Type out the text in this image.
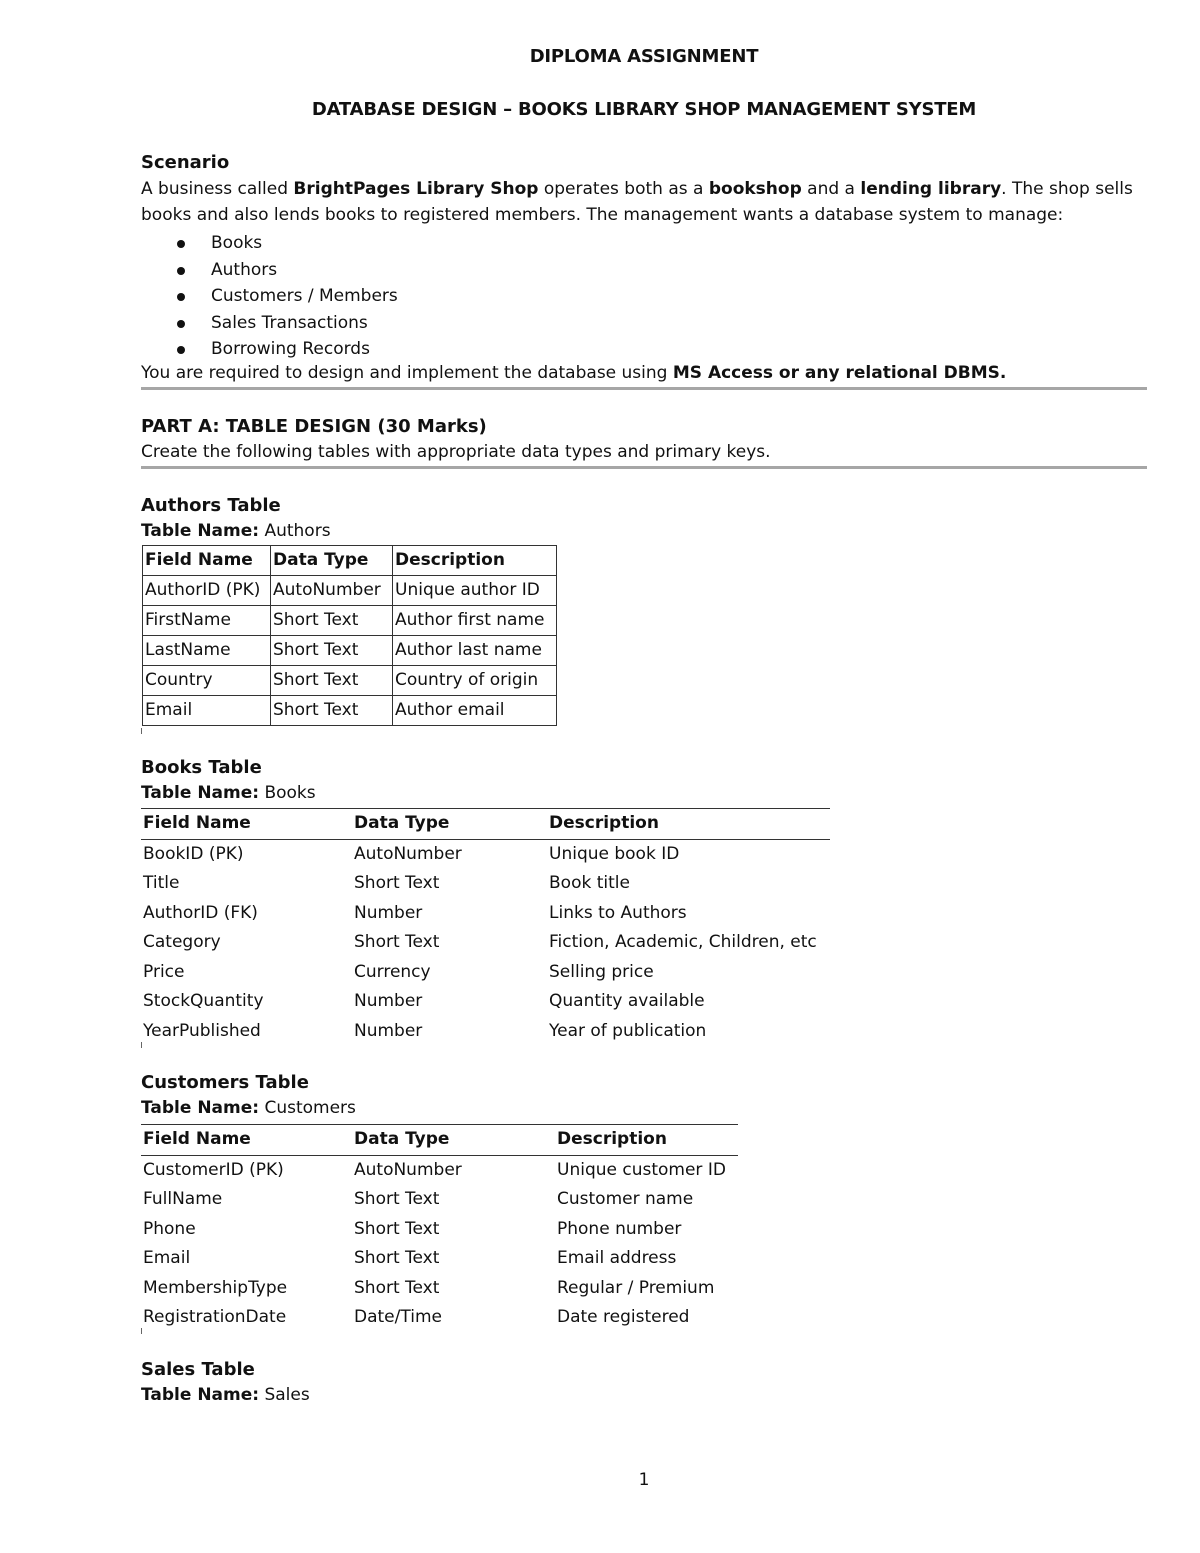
DIPLOMA ASSIGNMENT
DATABASE DESIGN – BOOKS LIBRARY SHOP MANAGEMENT SYSTEM
Scenario
A business called BrightPages Library Shop operates both as a bookshop and a lending library. The shop sells
books and also lends books to registered members. The management wants a database system to manage:
Books
Authors
Customers / Members
Sales Transactions
Borrowing Records
You are required to design and implement the database using MS Access or any relational DBMS.
PART A: TABLE DESIGN (30 Marks)
Create the following tables with appropriate data types and primary keys.
Authors Table
Table Name: Authors
Field Name	Data Type	Description
AuthorID (PK)	AutoNumber	Unique author ID
FirstName	Short Text	Author first name
LastName	Short Text	Author last name
Country	Short Text	Country of origin
Email	Short Text	Author email
Books Table
Table Name: Books
Field Name	Data Type	Description
BookID (PK)	AutoNumber	Unique book ID
Title	Short Text	Book title
AuthorID (FK)	Number	Links to Authors
Category	Short Text	Fiction, Academic, Children, etc
Price	Currency	Selling price
StockQuantity	Number	Quantity available
YearPublished	Number	Year of publication
Customers Table
Table Name: Customers
Field Name	Data Type	Description
CustomerID (PK)	AutoNumber	Unique customer ID
FullName	Short Text	Customer name
Phone	Short Text	Phone number
Email	Short Text	Email address
MembershipType	Short Text	Regular / Premium
RegistrationDate	Date/Time	Date registered
Sales Table
Table Name: Sales
1
